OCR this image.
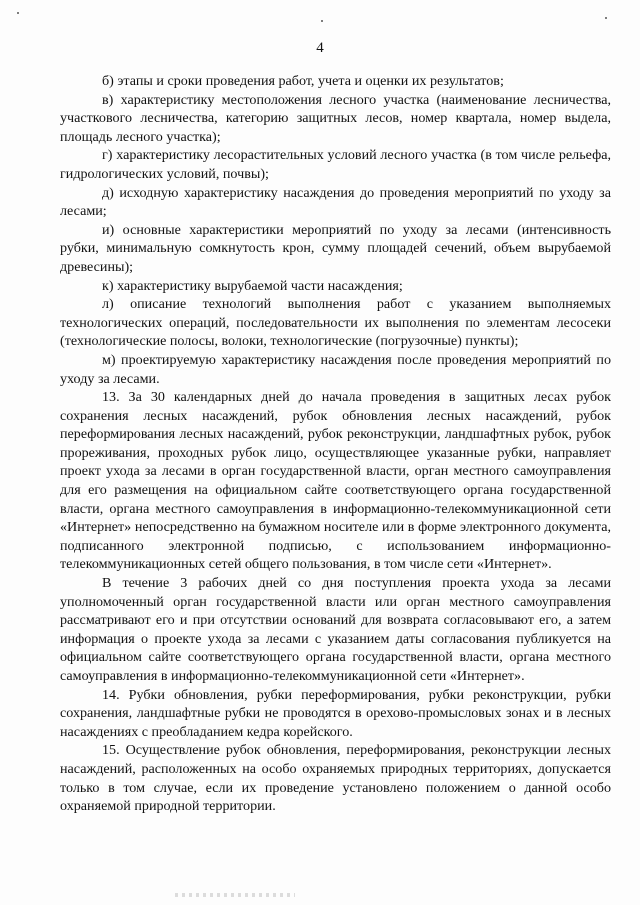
4

б) этапы и сроки проведения работ, учета и оценки их результатов;

в) характеристику местоположения лесного участка (наименование лесничества, участкового лесничества, категорию защитных лесов, номер квартала, номер выдела, площадь лесного участка);

г) характеристику лесорастительных условий лесного участка (в том числе рельефа, гидрологических условий, почвы);

д) исходную характеристику насаждения до проведения мероприятий по уходу за лесами;

и) основные характеристики мероприятий по уходу за лесами (интенсивность рубки, минимальную сомкнутость крон, сумму площадей сечений, объем вырубаемой древесины);

к) характеристику вырубаемой части насаждения;

л) описание технологий выполнения работ с указанием выполняемых технологических операций, последовательности их выполнения по элементам лесосеки (технологические полосы, волоки, технологические (погрузочные) пункты);

м) проектируемую характеристику насаждения после проведения мероприятий по уходу за лесами.

13. За 30 календарных дней до начала проведения в защитных лесах рубок сохранения лесных насаждений, рубок обновления лесных насаждений, рубок переформирования лесных насаждений, рубок реконструкции, ландшафтных рубок, рубок прореживания, проходных рубок лицо, осуществляющее указанные рубки, направляет проект ухода за лесами в орган государственной власти, орган местного самоуправления для его размещения на официальном сайте соответствующего органа государственной власти, органа местного самоуправления в информационно-телекоммуникационной сети «Интернет» непосредственно на бумажном носителе или в форме электронного документа, подписанного электронной подписью, с использованием информационно-телекоммуникационных сетей общего пользования, в том числе сети «Интернет».

В течение 3 рабочих дней со дня поступления проекта ухода за лесами уполномоченный орган государственной власти или орган местного самоуправления рассматривают его и при отсутствии оснований для возврата согласовывают его, а затем информация о проекте ухода за лесами с указанием даты согласования публикуется на официальном сайте соответствующего органа государственной власти, органа местного самоуправления в информационно-телекоммуникационной сети «Интернет».

14. Рубки обновления, рубки переформирования, рубки реконструкции, рубки сохранения, ландшафтные рубки не проводятся в орехово-промысловых зонах и в лесных насаждениях с преобладанием кедра корейского.

15. Осуществление рубок обновления, переформирования, реконструкции лесных насаждений, расположенных на особо охраняемых природных территориях, допускается только в том случае, если их проведение установлено положением о данной особо охраняемой природной территории.
